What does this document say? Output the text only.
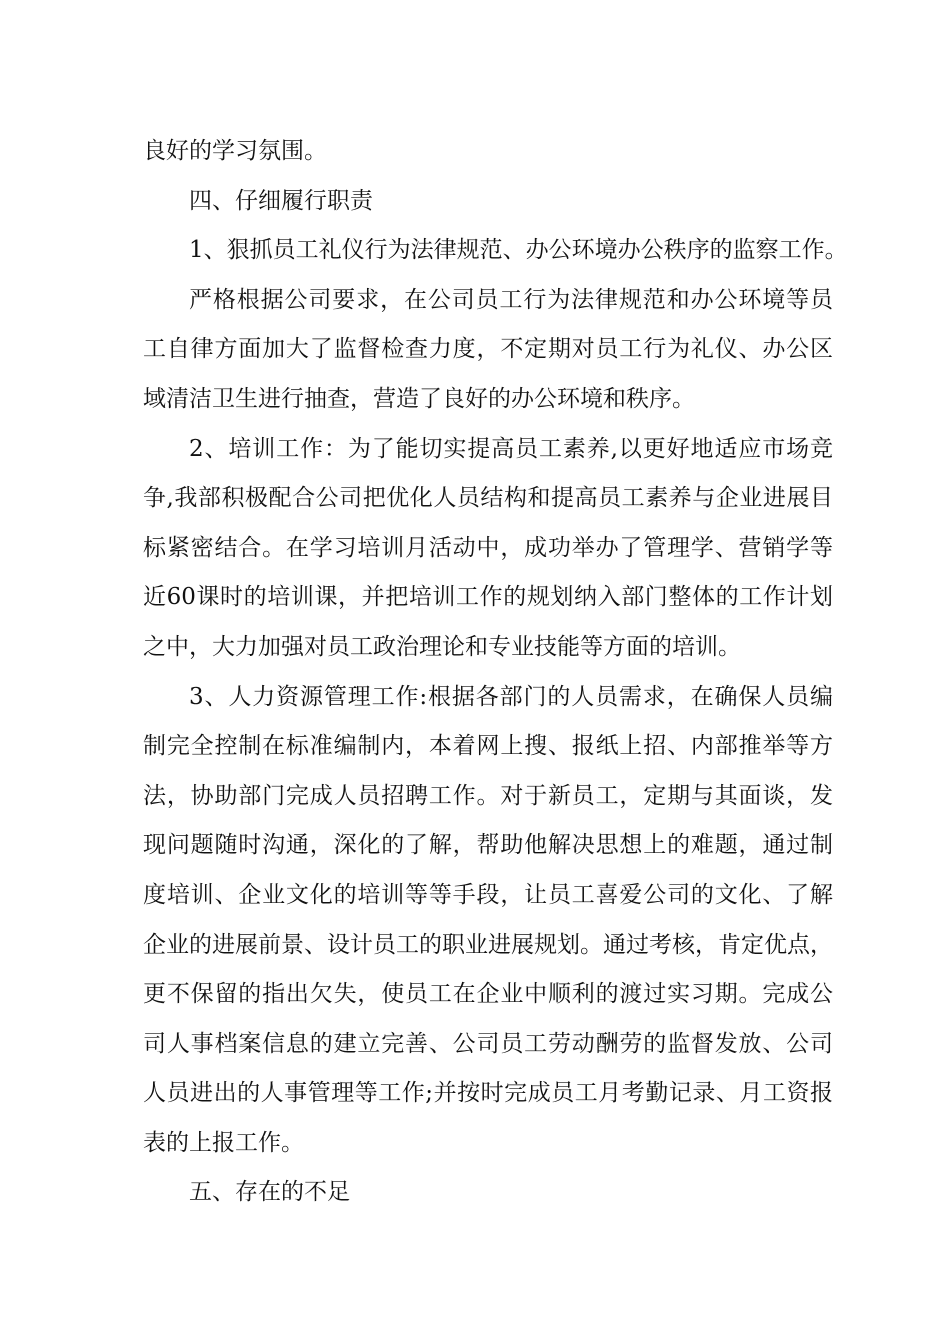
良好的学习氛围。
四、仔细履行职责
1、狠抓员工礼仪行为法律规范、办公环境办公秩序的监察工作。
严格根据公司要求，在公司员工行为法律规范和办公环境等员
工自律方面加大了监督检查力度，不定期对员工行为礼仪、办公区
域清洁卫生进行抽查，营造了良好的办公环境和秩序。
2、培训工作：为了能切实提高员工素养,以更好地适应市场竞
争,我部积极配合公司把优化人员结构和提高员工素养与企业进展目
标紧密结合。在学习培训月活动中，成功举办了管理学、营销学等
近60课时的培训课，并把培训工作的规划纳入部门整体的工作计划
之中，大力加强对员工政治理论和专业技能等方面的培训。
3、人力资源管理工作:根据各部门的人员需求，在确保人员编
制完全控制在标准编制内，本着网上搜、报纸上招、内部推举等方
法，协助部门完成人员招聘工作。对于新员工，定期与其面谈，发
现问题随时沟通，深化的了解，帮助他解决思想上的难题，通过制
度培训、企业文化的培训等等手段，让员工喜爱公司的文化、了解
企业的进展前景、设计员工的职业进展规划。通过考核，肯定优点，
更不保留的指出欠失，使员工在企业中顺利的渡过实习期。完成公
司人事档案信息的建立完善、公司员工劳动酬劳的监督发放、公司
人员进出的人事管理等工作;并按时完成员工月考勤记录、月工资报
表的上报工作。
五、存在的不足
